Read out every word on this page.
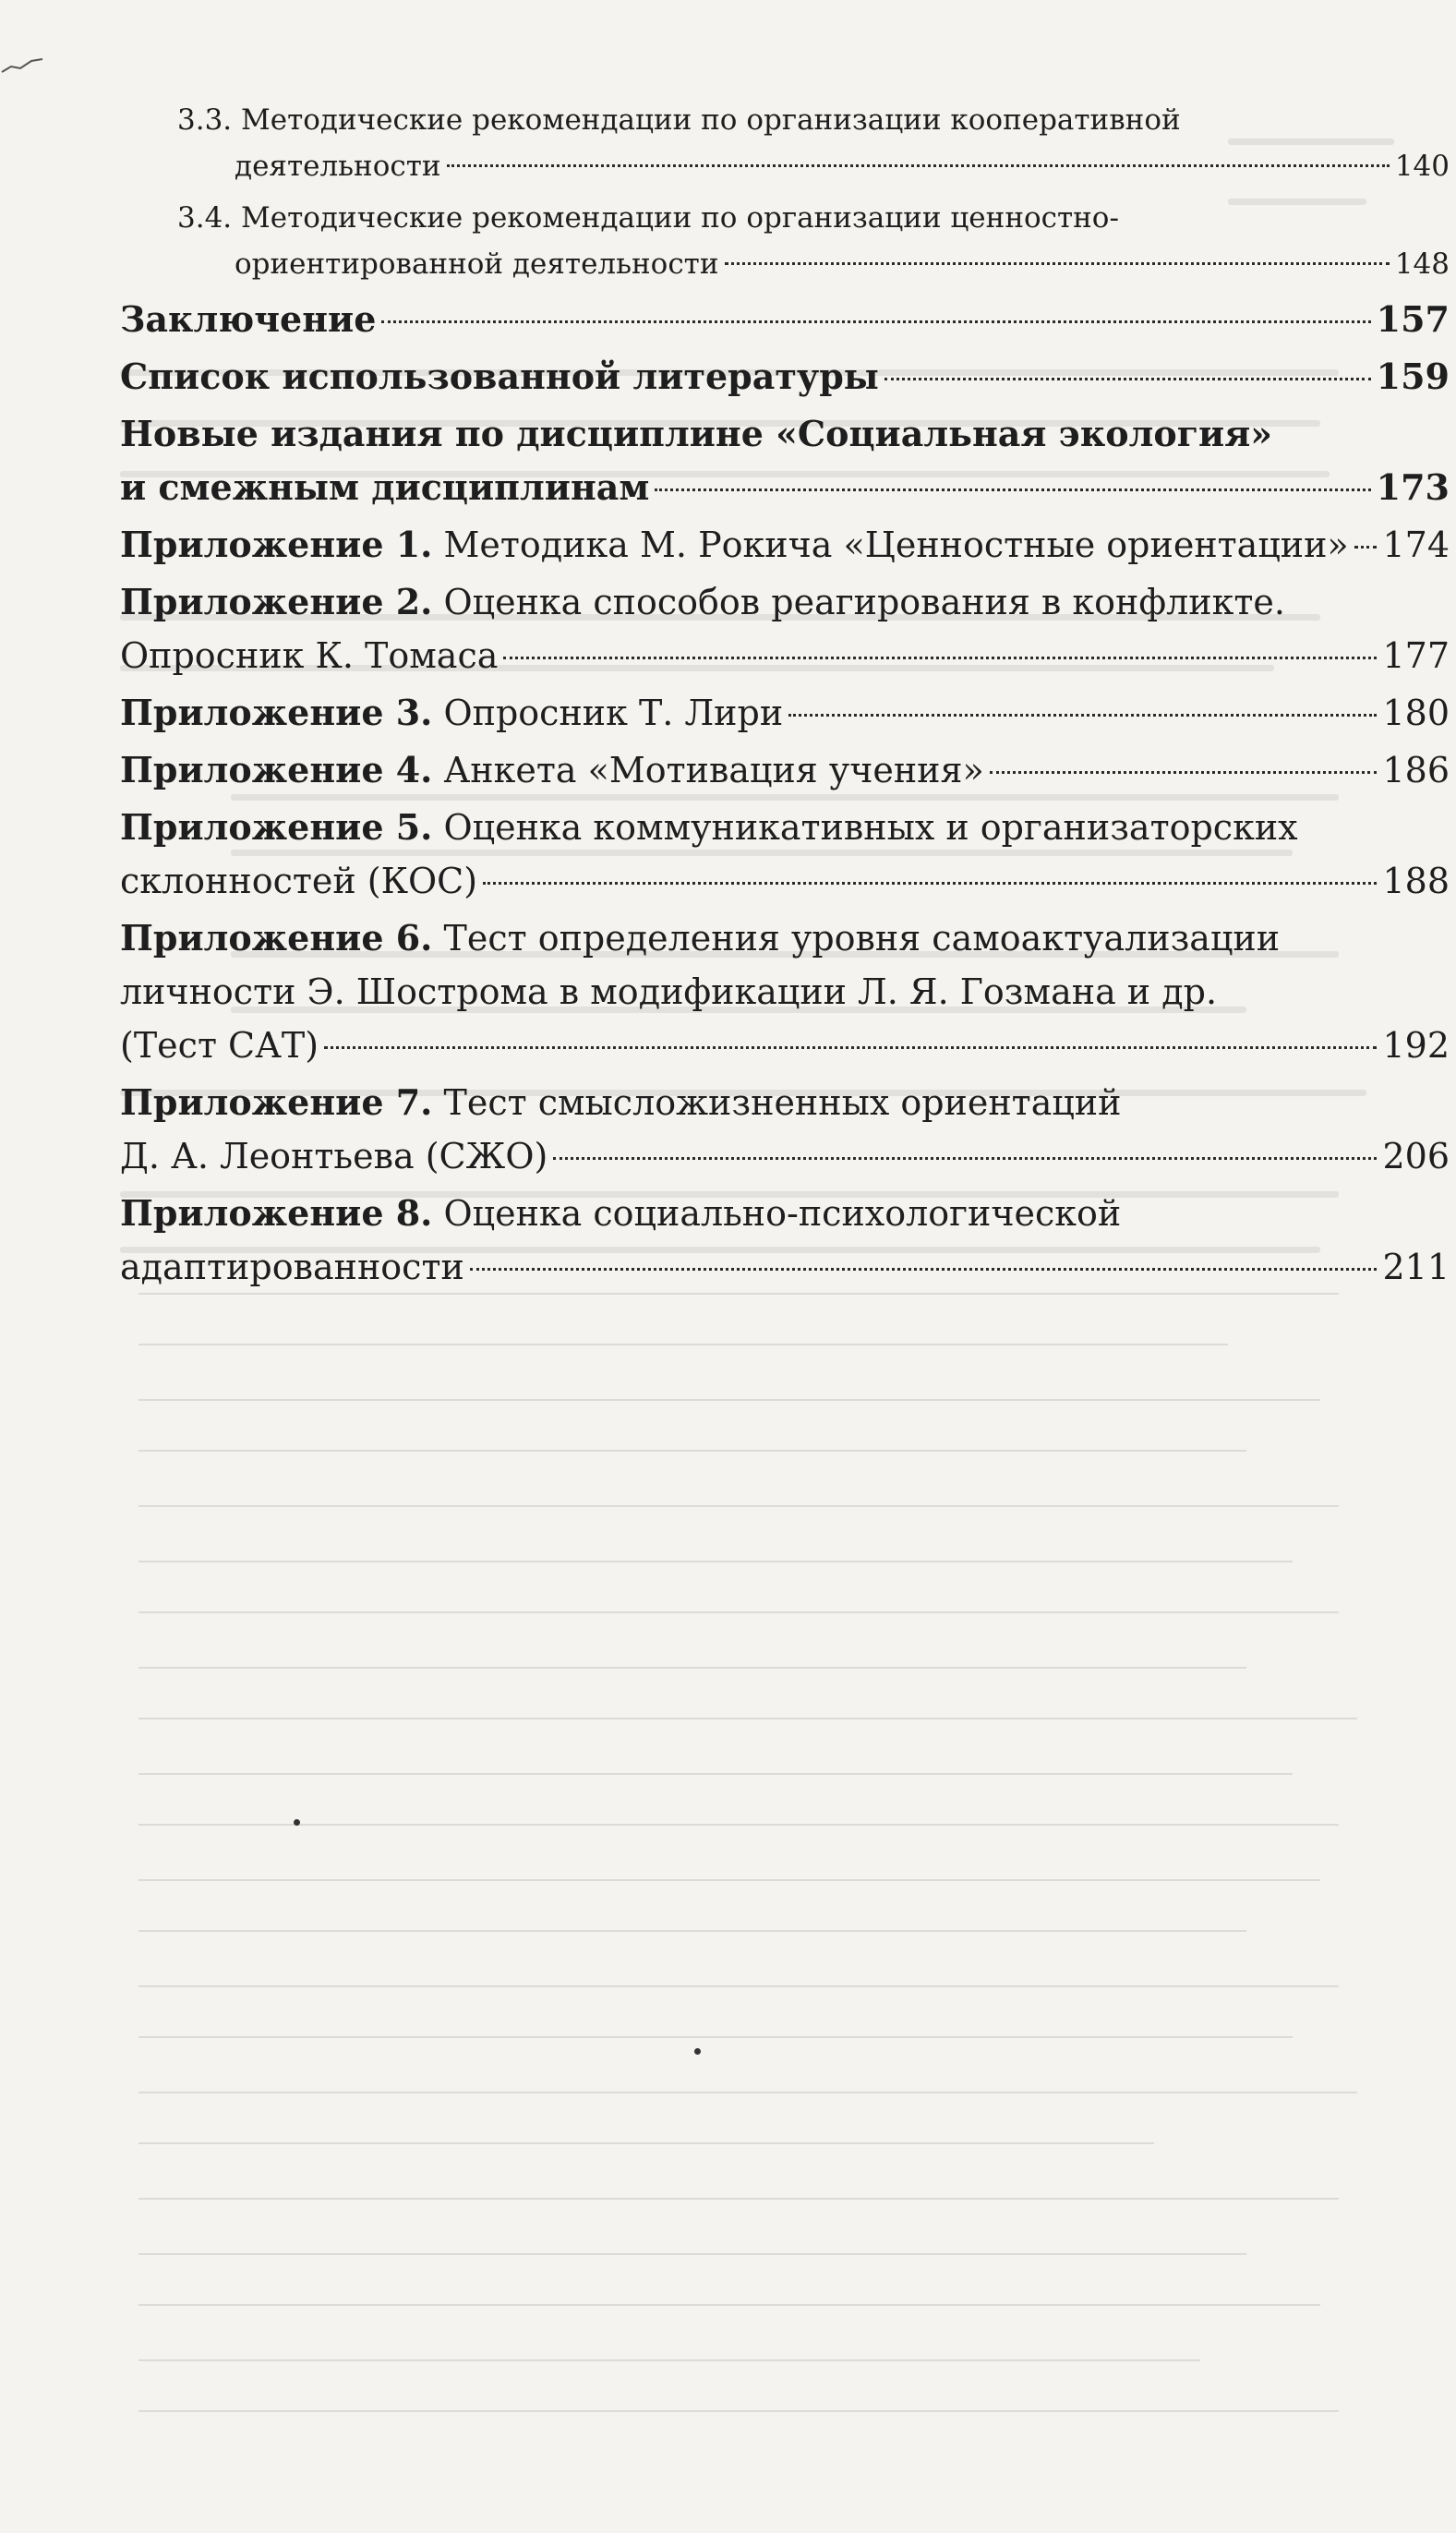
3.3. Методические рекомендации по организации кооперативной
деятельности	140
3.4. Методические рекомендации по организации ценностно-
ориентированной деятельности	148
Заключение	157
Список использованной литературы	159
Новые издания по дисциплине «Социальная экология»
и смежным дисциплинам	173
Приложение 1.
Методика М. Рокича «Ценностные ориентации» 174
Приложение 2. Оценка способов реагирования в конфликте.
Опросник К. Томаса	177
Приложение 3.
Опросник Т. Лири	180
Приложение 4.
Анкета «Мотивация учения»	186
Приложение 5. Оценка коммуникативных и организаторских
склонностей (КОС)	188
Приложение 6. Тест определения уровня самоактуализации
личности Э. Шострома в модификации Л. Я. Гозмана и др.
(Тест САТ)	192
Приложение 7. Тест смысложизненных ориентаций
Д. А. Леонтьева (СЖО)	206
Приложение 8. Оценка социально-психологической
адаптированности	211
